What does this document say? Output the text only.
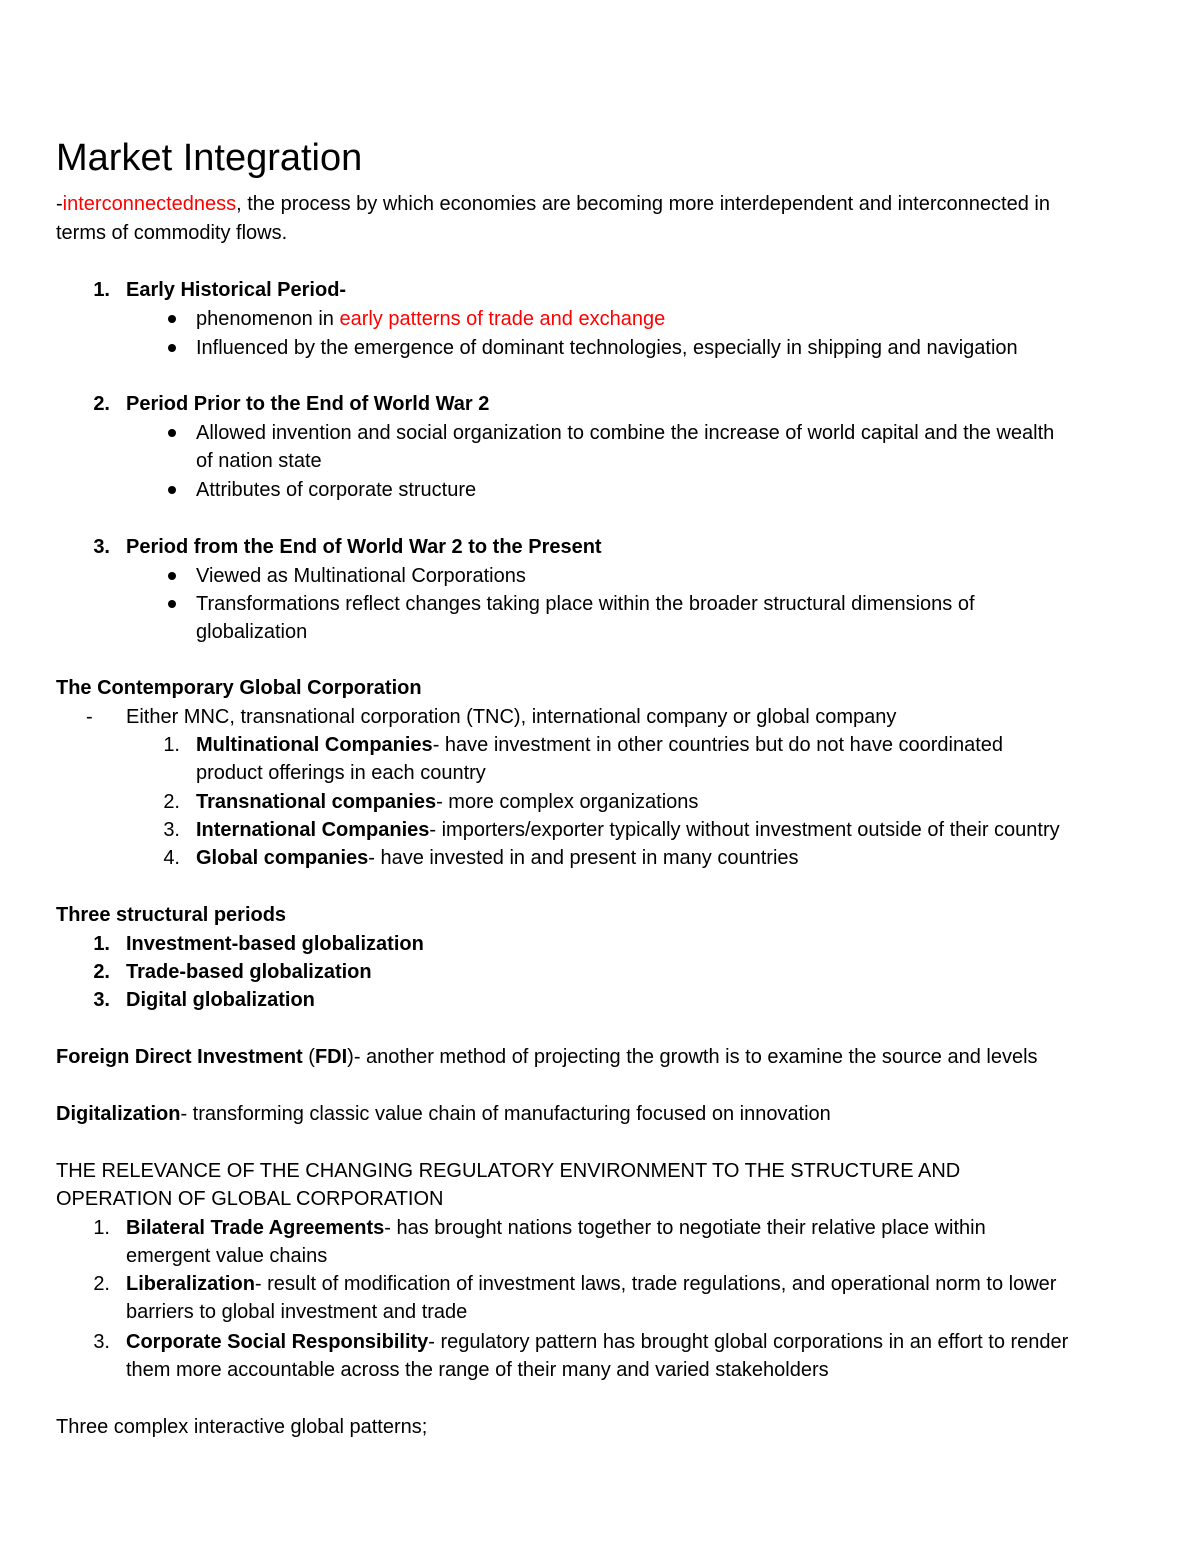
Market Integration
-interconnectedness, the process by which economies are becoming more interdependent and interconnected in
terms of commodity flows.
1. Early Historical Period-
phenomenon in early patterns of trade and exchange
Influenced by the emergence of dominant technologies, especially in shipping and navigation
2. Period Prior to the End of World War 2
Allowed invention and social organization to combine the increase of world capital and the wealth
of nation state
Attributes of corporate structure
3. Period from the End of World War 2 to the Present
Viewed as Multinational Corporations
Transformations reflect changes taking place within the broader structural dimensions of
globalization
The Contemporary Global Corporation
- Either MNC, transnational corporation (TNC), international company or global company
1. Multinational Companies- have investment in other countries but do not have coordinated
product offerings in each country
2. Transnational companies- more complex organizations
3. International Companies- importers/exporter typically without investment outside of their country
4. Global companies- have invested in and present in many countries
Three structural periods
1. Investment-based globalization
2. Trade-based globalization
3. Digital globalization
Foreign Direct Investment (FDI)- another method of projecting the growth is to examine the source and levels
Digitalization- transforming classic value chain of manufacturing focused on innovation
THE RELEVANCE OF THE CHANGING REGULATORY ENVIRONMENT TO THE STRUCTURE AND
OPERATION OF GLOBAL CORPORATION
1. Bilateral Trade Agreements- has brought nations together to negotiate their relative place within
emergent value chains
2. Liberalization- result of modification of investment laws, trade regulations, and operational norm to lower
barriers to global investment and trade
3. Corporate Social Responsibility- regulatory pattern has brought global corporations in an effort to render
them more accountable across the range of their many and varied stakeholders
Three complex interactive global patterns;
